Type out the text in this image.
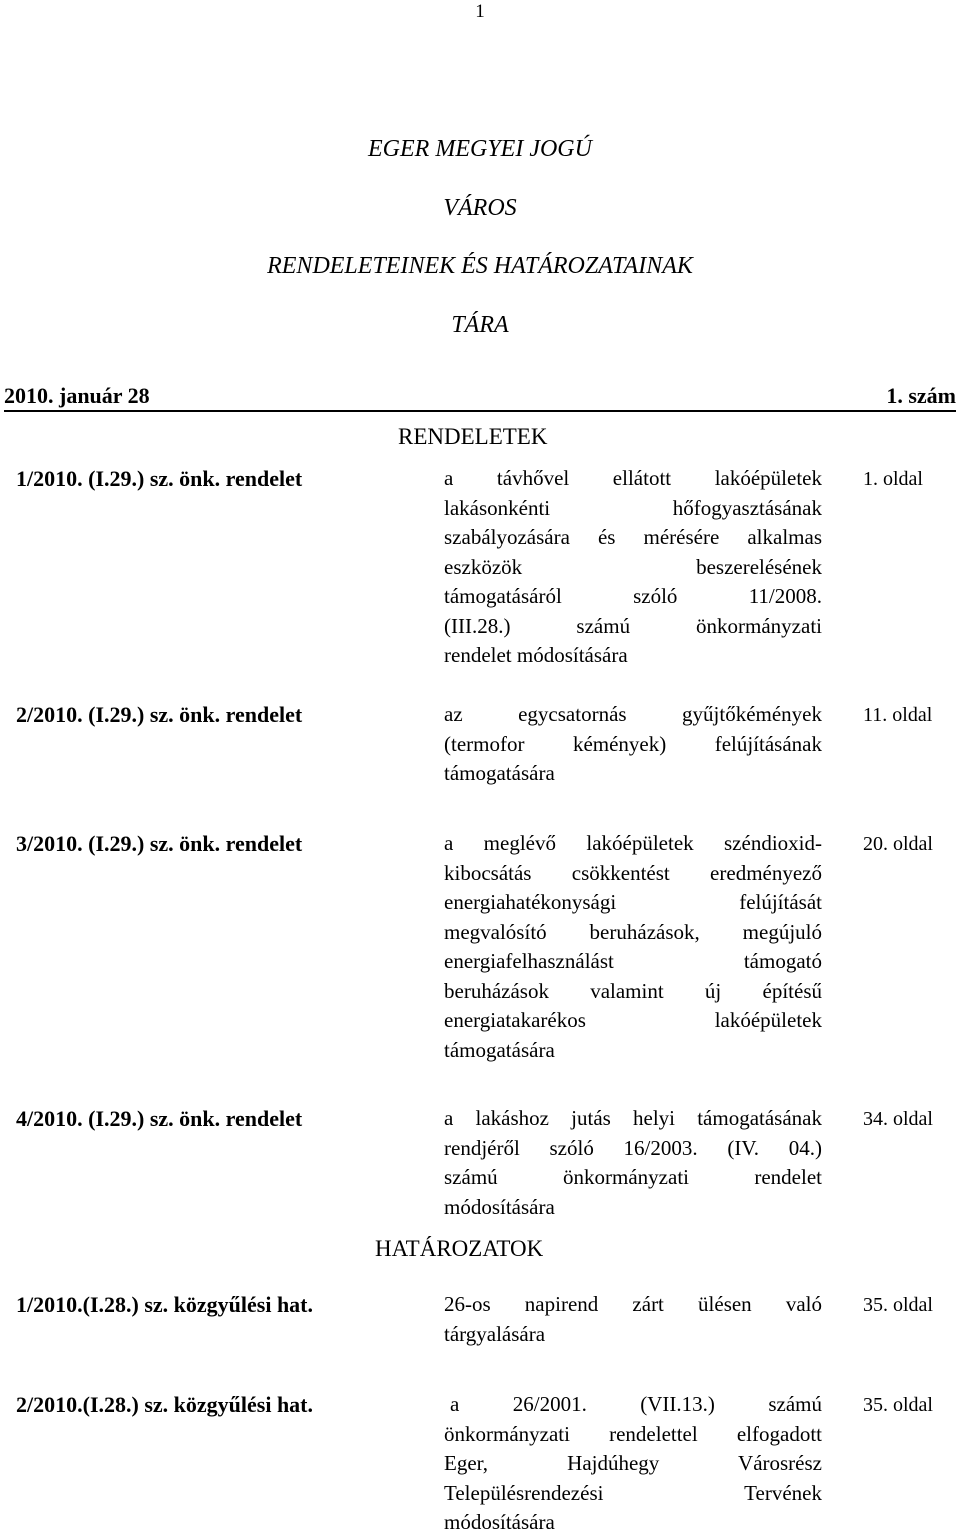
1
EGER MEGYEI JOGÚ
VÁROS
RENDELETEINEK ÉS HATÁROZATAINAK
TÁRA
2010. január 28	1. szám
RENDELETEK
1/2010. (I.29.) sz. önk. rendelet	a távhővel ellátott lakóépületek
lakásonkénti hőfogyasztásának
szabályozására és mérésére alkalmas
eszközök beszerelésének
támogatásáról szóló 11/2008.
(III.28.) számú önkormányzati
rendelet módosítására
1. oldal
2/2010. (I.29.) sz. önk. rendelet	az egycsatornás gyűjtőkémények
(termofor kémények) felújításának
támogatására
11. oldal
3/2010. (I.29.) sz. önk. rendelet	a meglévő lakóépületek széndioxid-
kibocsátás csökkentést eredményező
energiahatékonysági felújítását
megvalósító beruházások, megújuló
energiafelhasználást támogató
beruházások valamint új építésű
energiatakarékos lakóépületek
támogatására
20. oldal
4/2010. (I.29.) sz. önk. rendelet	a lakáshoz jutás helyi támogatásának
rendjéről szóló 16/2003. (IV. 04.)
számú önkormányzati rendelet
módosítására
34. oldal
HATÁROZATOK
1/2010.(I.28.) sz. közgyűlési hat.	26-os napirend zárt ülésen való
tárgyalására
35. oldal
2/2010.(I.28.) sz. közgyűlési hat.	a 26/2001. (VII.13.) számú
önkormányzati rendelettel elfogadott
Eger, Hajdúhegy Városrész
Településrendezési Tervének
módosítására
35. oldal
